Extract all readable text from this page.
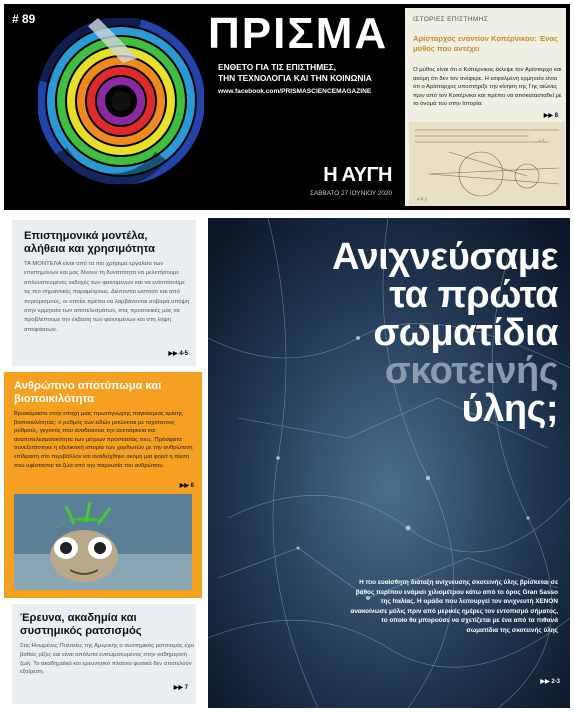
# 89	ΠΡΙΣΜΑ
ΕΝΘΕΤΟ ΓΙΑ ΤΙΣ ΕΠΙΣΤΗΜΕΣ,
ΤΗΝ ΤΕΧΝΟΛΟΓΙΑ ΚΑΙ ΤΗΝ ΚΟΙΝΩΝΙΑ
www.facebook.com/PRISMASCIENCEMAGAZINE
Η ΑΥΓΗ
ΣΑΒΒΑΤΟ 27 ΙΟΥΝΙΟΥ 2020
ΙΣΤΟΡΙΕΣ ΕΠΙΣΤΗΜΗΣ
Αρίσταρχος εναντίον Κοπέρνικου: Ένας μύθος που αντέχει
Ο μύθος είναι ότι ο Κοπέρνικος έκλεψε τον Αρίσταρχο και ακόμη ότι δεν τον ανέφερε. Η εσφαλμένη ερμηνεία είναι ότι ο Αρίσταρχος υποστήριξε την κίνηση της Γης αιώνες πριν από τον Κοπέρνικο και πρέπει να αποκατασταθεί με το όνομά του στην Ιστορία.
▶▶ 8
α β γ
ε ζ
Επιστημονικά μοντέλα, αλήθεια και χρησιμότητα
ΤΑ ΜΟΝΤΕΛΑ είναι από τα πιο χρήσιμα εργαλεία των επιστημόνων και μας δίνουν τη δυνατότητα να μελετήσουμε απλουστευμένες εκδοχές των φαινομένων και να εντοπίσουμε τις πιο σημαντικές παραμέτρους. Διέπονται ωστόσο και από περιορισμούς, οι οποίοι πρέπει να λαμβάνονται σοβαρά υπόψη στην ερμηνεία των αποτελεσμάτων, στις προσοκικές μας να προβλέπουμε την έκβαση των φαινομένων και στη λήψη αποφάσεων.
▶▶ 4-5
Ανθρώπινο αποτύπωμα και βιοποικιλότητα
Βρισκόμαστε στην εποχή μιας πρωτόγνωρης παγκόσμιας κρίσης βιοποικιλότητας: ο ρυθμός των ειδών μειώνεται με ταχύτατους ρυθμούς, γεγονός που αναδεικνύει την ανεπάρκεια και αναποτελεσματικότητα των μέτρων προστασίας τους. Πρόσφατα συνεξετάστηκε η εξελικτική ιστορία των χορδωτών με την ανθρώπινη επίδραση στο περιβάλλον και αναδείχθηκε ακόμη μια φορά η πίεση που υφίστανται τα ζώα από την παρουσία του ανθρώπου.
▶▶ 6
Έρευνα, ακαδημία και συστημικός ρατσισμός
Στις Ηνωμένες Πολιτείες της Αμερικής ο συστημικός ρατσισμός έχει βαθιές ρίζες και είναι απόλυτα ενσωματωμένος στην καθημερινή ζωή. Το ακαδημαϊκό και ερευνητικό πλαίσιο φυσικά δεν αποτελούν εξαίρεση.
▶▶ 7
Ανιχνεύσαμε
τα πρώτα
σωματίδια
σκοτεινής
ύλης;
Η πιο ευαίσθητη διάταξη ανίχνευσης σκοτεινής ύλης βρίσκεται σε βάθος περίπου ενάμισι χιλιομέτρου κάτω από το όρος Gran Sasso της Ιταλίας. Η ομάδα που λειτουργεί τον ανιχνευτή XENON ανακοίνωσε μόλις πριν από μερικές ημέρες τον εντοπισμό σήματος, το οποίο θα μπορούσε να σχετίζεται με ένα από τα πιθανά σωματίδια της σκοτεινής ύλης
▶▶ 2-3
